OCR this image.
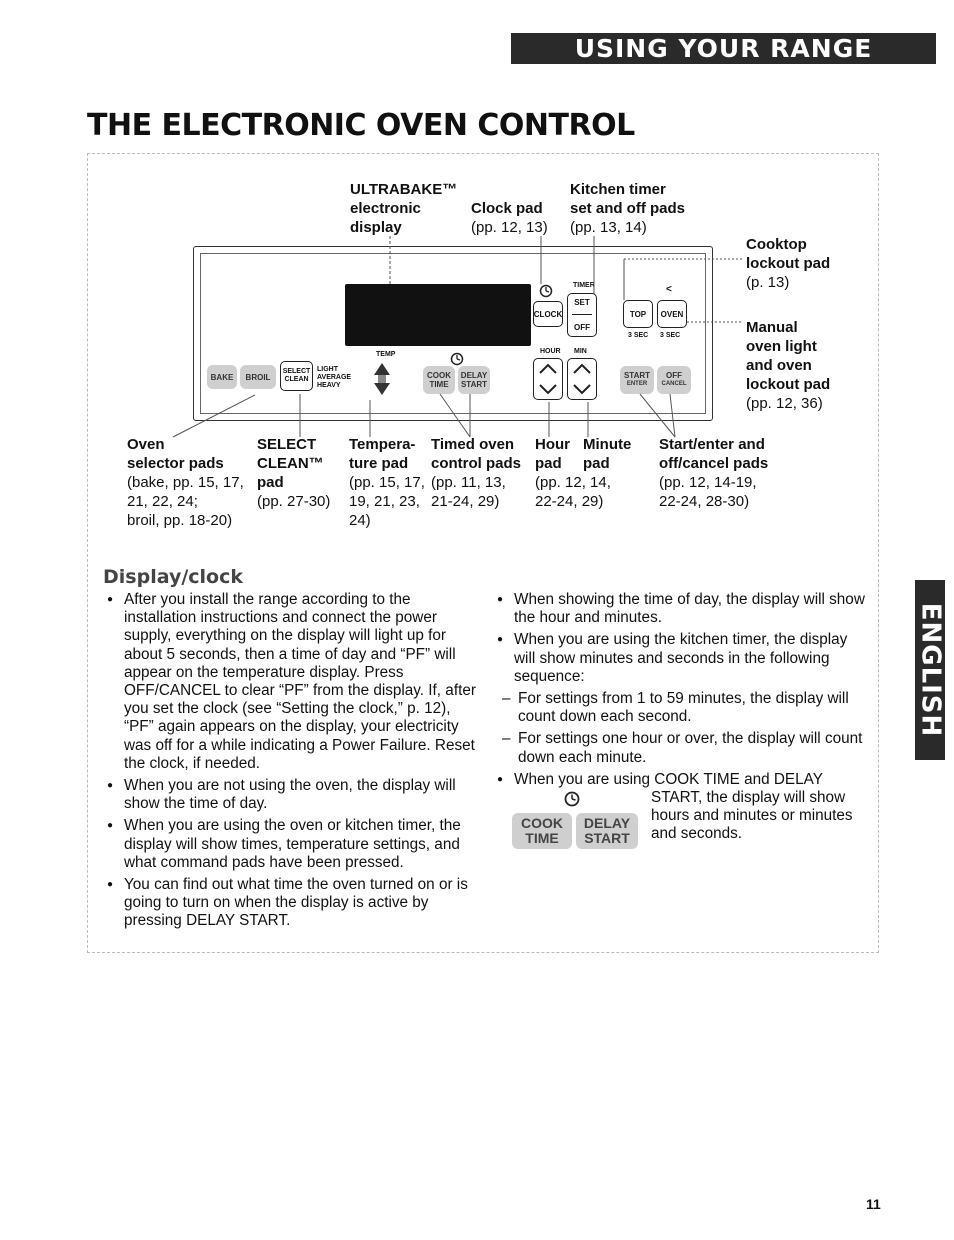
USING YOUR RANGE
THE ELECTRONIC OVEN CONTROL
BAKE BROIL
SELECT
CLEAN
LIGHT
AVERAGE
HEAVY
TEMP
COOK
TIME
DELAY
START
TIMER
CLOCK
SET
OFF
<
TOP OVEN
3 SEC 3 SEC
HOUR MIN
START
ENTER
OFF
CANCEL
ULTRABAKE™
electronic
display
Clock pad
(pp. 12, 13)
Kitchen timer
set and off pads
(pp. 13, 14)
Cooktop
lockout pad
(p. 13)
Manual
oven light
and oven
lockout pad
(pp. 12, 36)
Oven
selector pads
(bake, pp. 15, 17,
21, 22, 24;
broil, pp. 18-20)
SELECT
CLEAN™
pad
(pp. 27-30)
Tempera-
ture pad
(pp. 15, 17,
19, 21, 23,
24)
Timed oven
control pads
(pp. 11, 13,
21-24, 29)
Hour
pad
(pp. 12, 14,
22-24, 29)
Minute
pad
Start/enter and
off/cancel pads
(pp. 12, 14-19,
22-24, 28-30)
Display/clock
● After you install the range according to the installation instructions and connect the power supply, everything on the display will light up for about 5 seconds, then a time of day and “PF” will appear on the temperature display. Press OFF/CANCEL to clear “PF” from the display. If, after you set the clock (see “Setting the clock,” p. 12), “PF” again appears on the display, your electricity was off for a while indicating a Power Failure. Reset the clock, if needed.
● When you are not using the oven, the display will show the time of day.
● When you are using the oven or kitchen timer, the display will show times, temperature settings, and what command pads have been pressed.
● You can find out what time the oven turned on or is going to turn on when the display is active by pressing DELAY START.
● When showing the time of day, the display will show the hour and minutes.
● When you are using the kitchen timer, the display will show minutes and seconds in the following sequence:
– For settings from 1 to 59 minutes, the display will count down each second.
– For settings one hour or over, the display will count down each minute.
● When you are using COOK TIME and DELAY
COOK
TIME
DELAY
START
START, the display will show hours and minutes or minutes and seconds.
ENGLISH
11
